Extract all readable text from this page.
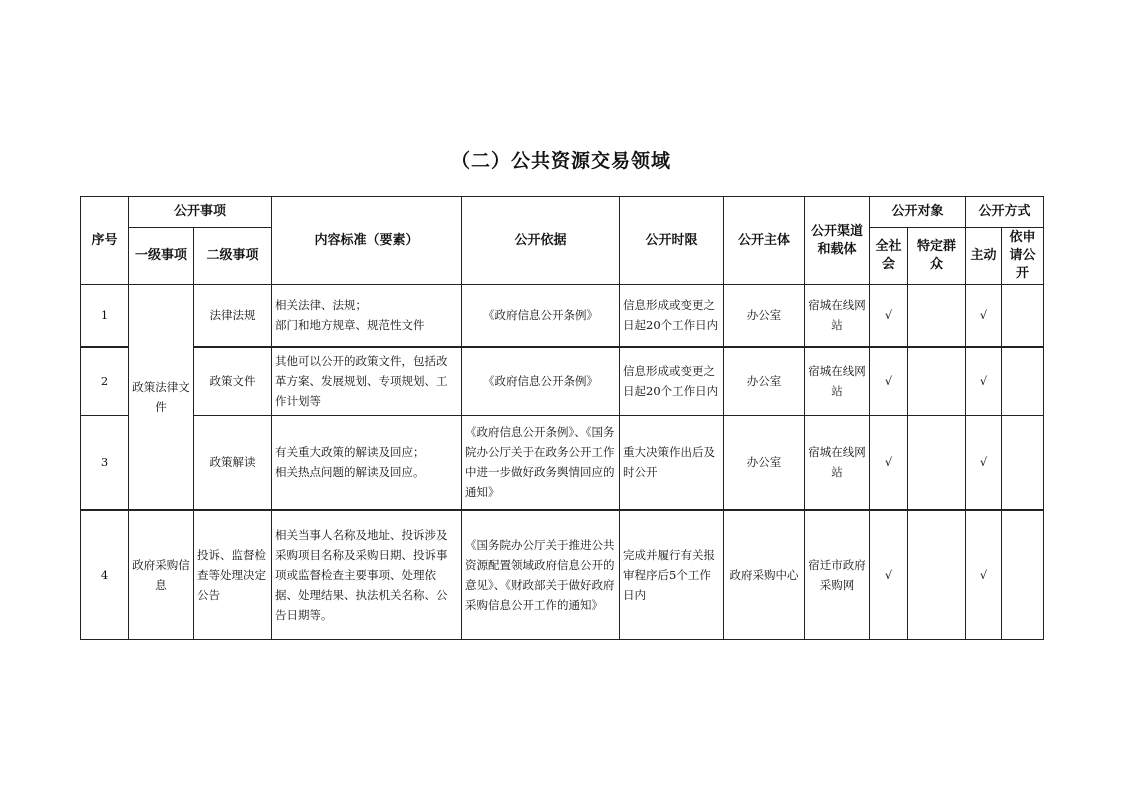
（二）公共资源交易领域
序号	公开事项		内容标准（要素）	公开依据	公开时限	公开主体	公开渠道和载体	公开对象		公开方式	
	一级事项	二级事项						全社会	特定群众	主动	依申请公开
1	政策法律文件	法律法规	相关法律、法规；
部门和地方规章、规范性文件	《政府信息公开条例》	信息形成或变更之日起20个工作日内	办公室	宿城在线网站	√		√	
2		政策文件	其他可以公开的政策文件，包括改革方案、发展规划、专项规划、工作计划等	《政府信息公开条例》	信息形成或变更之日起20个工作日内	办公室	宿城在线网站	√		√	
3		政策解读	有关重大政策的解读及回应；
相关热点问题的解读及回应。	《政府信息公开条例》、《国务院办公厅关于在政务公开工作中进一步做好政务舆情回应的通知》	重大决策作出后及时公开	办公室	宿城在线网站	√		√	
4	政府采购信息	投诉、监督检查等处理决定公告	相关当事人名称及地址、投诉涉及采购项目名称及采购日期、投诉事项或监督检查主要事项、处理依据、处理结果、执法机关名称、公告日期等。	《国务院办公厅关于推进公共资源配置领域政府信息公开的意见》、《财政部关于做好政府采购信息公开工作的通知》	完成并履行有关报审程序后5个工作日内	政府采购中心	宿迁市政府采购网	√		√	
